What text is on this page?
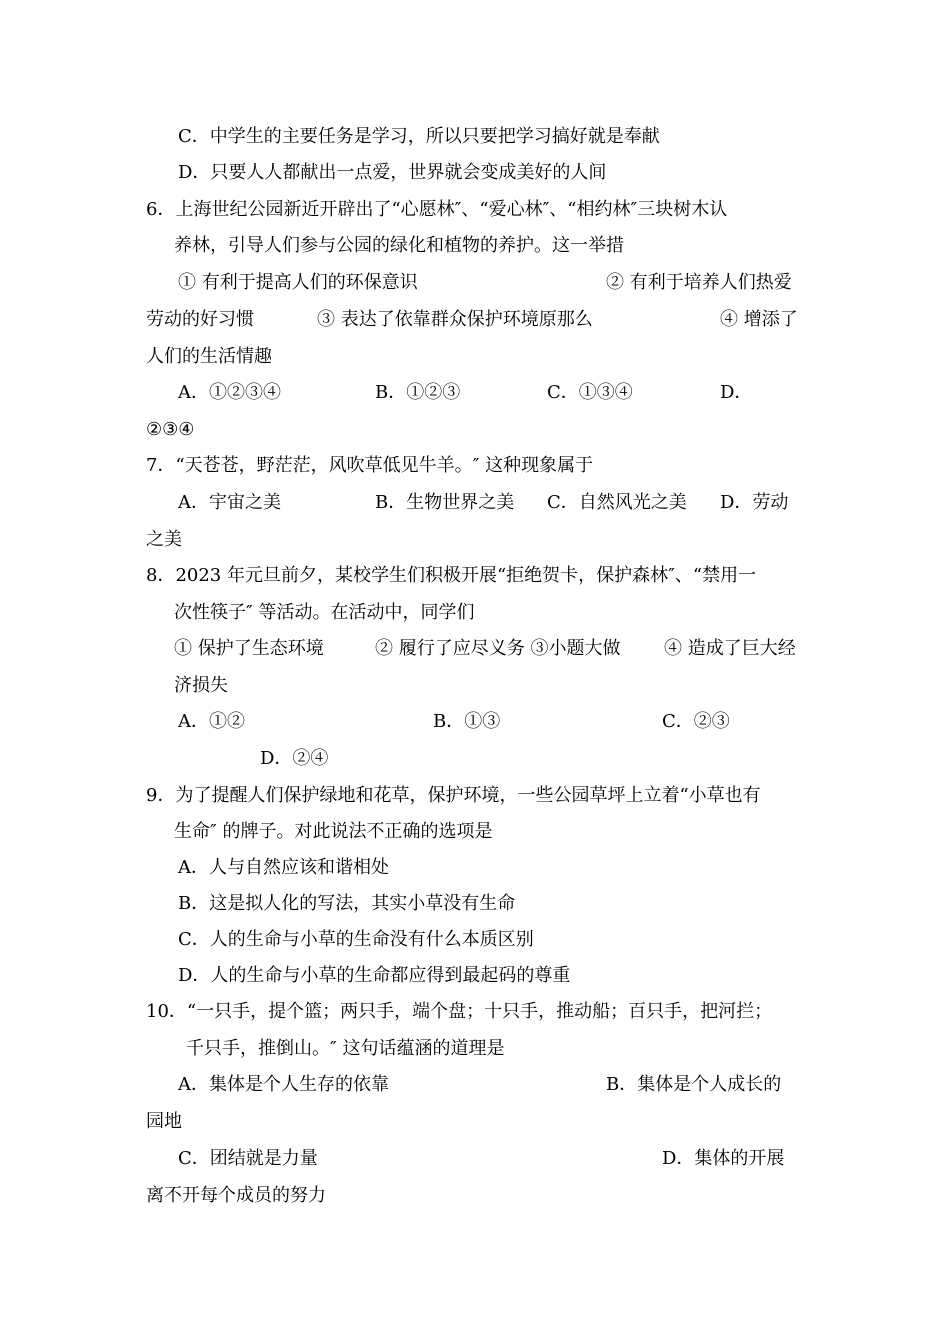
C．中学生的主要任务是学习，所以只要把学习搞好就是奉献
D．只要人人都献出一点爱，世界就会变成美好的人间
6．上海世纪公园新近开辟出了“心愿林″、“爱心林″、“相约林″三块树木认
养林，引导人们参与公园的绿化和植物的养护。这一举措
① 有利于提高人们的环保意识	② 有利于培养人们热爱
劳动的好习惯	③ 表达了依靠群众保护环境原那么	④ 增添了
人们的生活情趣
A．①②③④	B．①②③	C．①③④	D．
②③④
7．“天苍苍，野茫茫，风吹草低见牛羊。″ 这种现象属于
A．宇宙之美	B．生物世界之美 C．自然风光之美 D．劳动
之美
8．2023 年元旦前夕，某校学生们积极开展“拒绝贺卡，保护森林″、“禁用一
次性筷子″ 等活动。在活动中，同学们
① 保护了生态环境	② 履行了应尽义务 ③小题大做 ④ 造成了巨大经
济损失
A．①②	B．①③	C．②③
D．②④
9．为了提醒人们保护绿地和花草，保护环境，一些公园草坪上立着“小草也有
生命″ 的牌子。对此说法不正确的选项是
A．人与自然应该和谐相处
B．这是拟人化的写法，其实小草没有生命
C．人的生命与小草的生命没有什么本质区别
D．人的生命与小草的生命都应得到最起码的尊重
10．“一只手，提个篮；两只手，端个盘；十只手，推动船；百只手，把河拦；
千只手，推倒山。″ 这句话蕴涵的道理是
A．集体是个人生存的依靠	B．集体是个人成长的
园地
C．团结就是力量	D．集体的开展
离不开每个成员的努力
